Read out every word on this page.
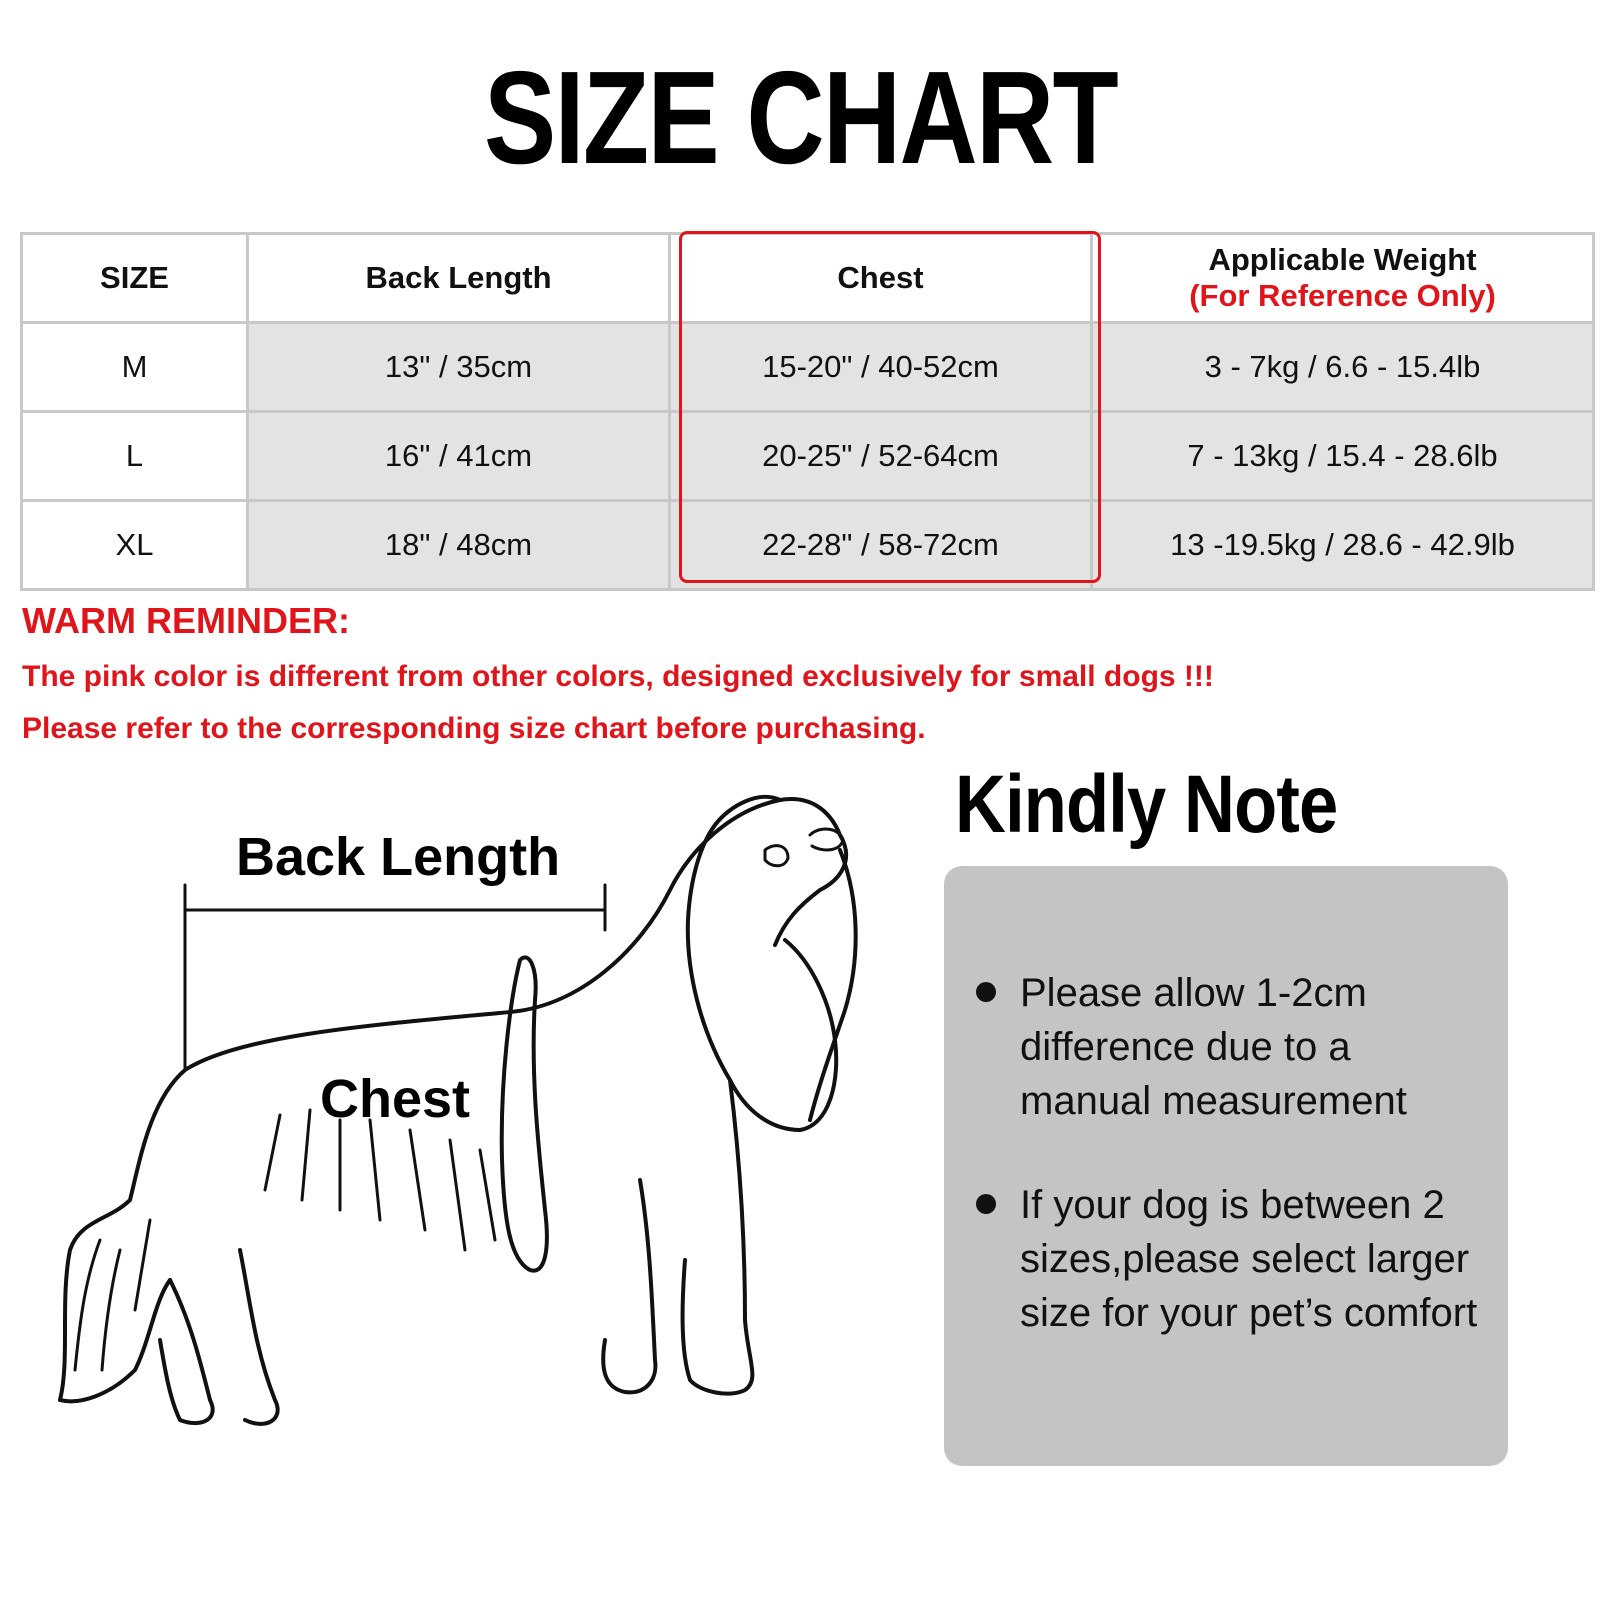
SIZE CHART
SIZE	Back Length	Chest	Applicable Weight
(For Reference Only)

M	13" / 35cm	15-20" / 40-52cm	3 - 7kg / 6.6 - 15.4lb
L	16" / 41cm	20-25" / 52-64cm	7 - 13kg / 15.4 - 28.6lb
XL	18" / 48cm	22-28" / 58-72cm	13 -19.5kg / 28.6 - 42.9lb
WARM REMINDER:
The pink color is different from other colors, designed exclusively for small dogs !!!
Please refer to the corresponding size chart before purchasing.
Back Length
Chest
Kindly Note
Please allow 1-2cm difference due to a manual measurement
If your dog is between 2 sizes,please select larger size for your pet’s comfort
